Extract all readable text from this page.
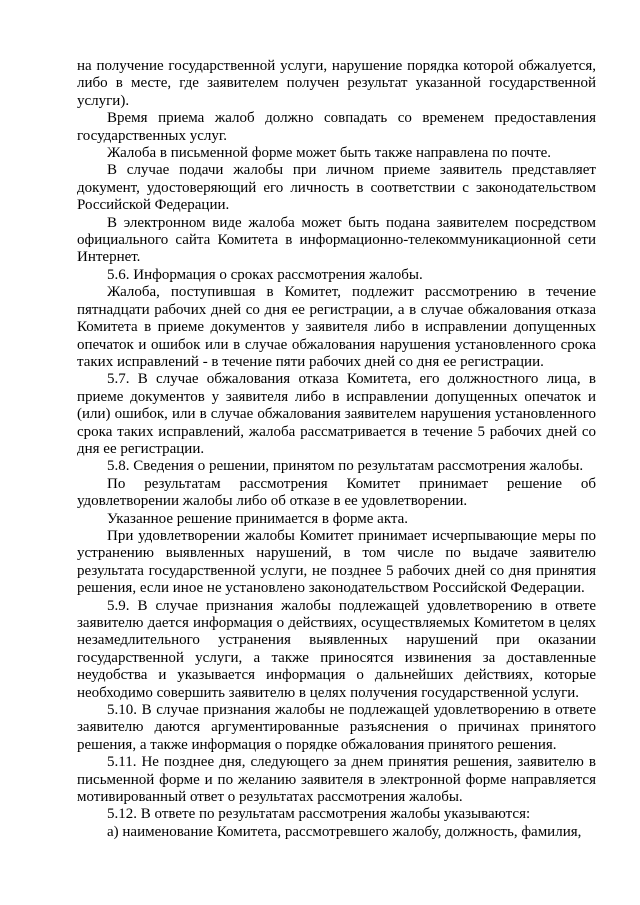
на получение государственной услуги, нарушение порядка которой обжалуется, либо в месте, где заявителем получен результат указанной государственной услуги).

Время приема жалоб должно совпадать со временем предоставления государственных услуг.

Жалоба в письменной форме может быть также направлена по почте.

В случае подачи жалобы при личном приеме заявитель представляет документ, удостоверяющий его личность в соответствии с законодательством Российской Федерации.

В электронном виде жалоба может быть подана заявителем посредством официального сайта Комитета в информационно-телекоммуникационной сети Интернет.

5.6. Информация о сроках рассмотрения жалобы.

Жалоба, поступившая в Комитет, подлежит рассмотрению в течение пятнадцати рабочих дней со дня ее регистрации, а в случае обжалования отказа Комитета в приеме документов у заявителя либо в исправлении допущенных опечаток и ошибок или в случае обжалования нарушения установленного срока таких исправлений - в течение пяти рабочих дней со дня ее регистрации.

5.7. В случае обжалования отказа Комитета, его должностного лица, в приеме документов у заявителя либо в исправлении допущенных опечаток и (или) ошибок, или в случае обжалования заявителем нарушения установленного срока таких исправлений, жалоба рассматривается в течение 5 рабочих дней со дня ее регистрации.

5.8. Сведения о решении, принятом по результатам рассмотрения жалобы.

По результатам рассмотрения Комитет принимает решение об удовлетворении жалобы либо об отказе в ее удовлетворении.

Указанное решение принимается в форме акта.

При удовлетворении жалобы Комитет принимает исчерпывающие меры по устранению выявленных нарушений, в том числе по выдаче заявителю результата государственной услуги, не позднее 5 рабочих дней со дня принятия решения, если иное не установлено законодательством Российской Федерации.

5.9. В случае признания жалобы подлежащей удовлетворению в ответе заявителю дается информация о действиях, осуществляемых Комитетом в целях незамедлительного устранения выявленных нарушений при оказании государственной услуги, а также приносятся извинения за доставленные неудобства и указывается информация о дальнейших действиях, которые необходимо совершить заявителю в целях получения государственной услуги.

5.10. В случае признания жалобы не подлежащей удовлетворению в ответе заявителю даются аргументированные разъяснения о причинах принятого решения, а также информация о порядке обжалования принятого решения.

5.11. Не позднее дня, следующего за днем принятия решения, заявителю в письменной форме и по желанию заявителя в электронной форме направляется мотивированный ответ о результатах рассмотрения жалобы.

5.12. В ответе по результатам рассмотрения жалобы указываются:

а) наименование Комитета, рассмотревшего жалобу, должность, фамилия,
